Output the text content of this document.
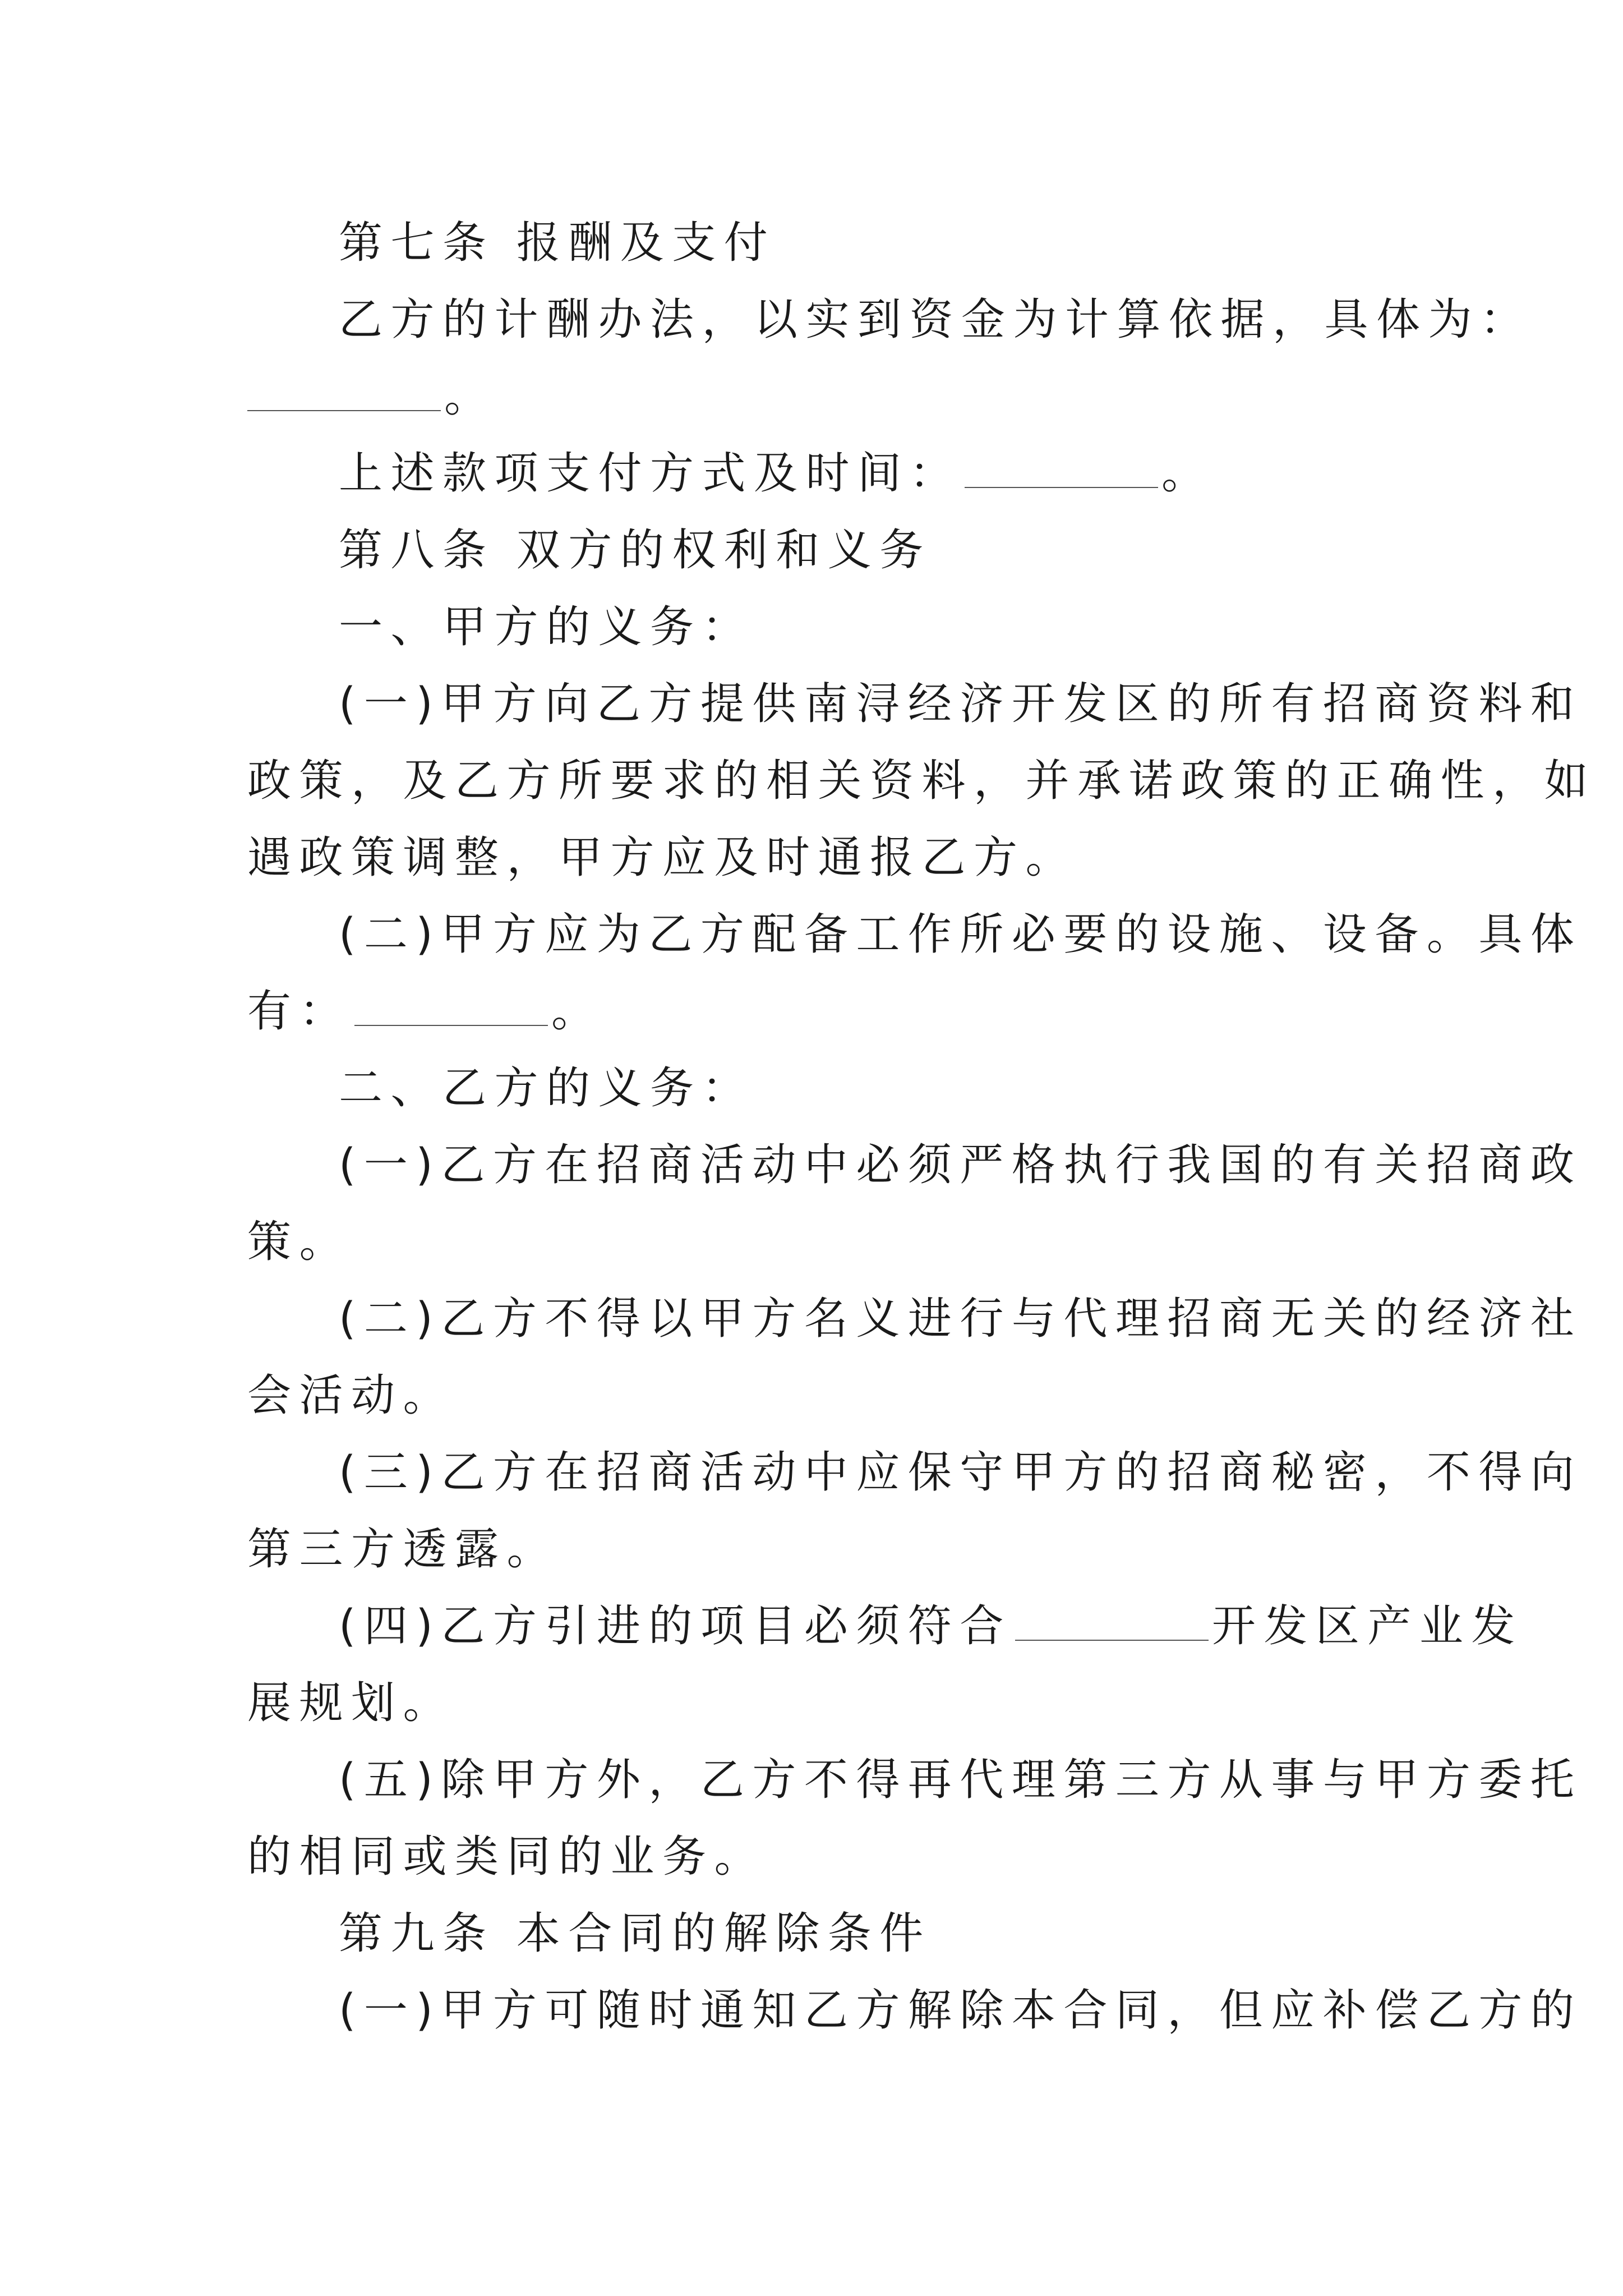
第七条 报酬及支付
乙方的计酬办法，以实到资金为计算依据，具体为：
。
上述款项支付方式及时间：	。
第八条 双方的权利和义务
一、甲方的义务：
(一)甲方向乙方提供南浔经济开发区的所有招商资料和
政策，及乙方所要求的相关资料，并承诺政策的正确性，如
遇政策调整，甲方应及时通报乙方。
(二)甲方应为乙方配备工作所必要的设施、设备。具体
有：	。
二、乙方的义务：
(一)乙方在招商活动中必须严格执行我国的有关招商政
策。
(二)乙方不得以甲方名义进行与代理招商无关的经济社
会活动。
(三)乙方在招商活动中应保守甲方的招商秘密，不得向
第三方透露。
(四)乙方引进的项目必须符合	开发区产业发
展规划。
(五)除甲方外，乙方不得再代理第三方从事与甲方委托
的相同或类同的业务。
第九条 本合同的解除条件
(一)甲方可随时通知乙方解除本合同，但应补偿乙方的
